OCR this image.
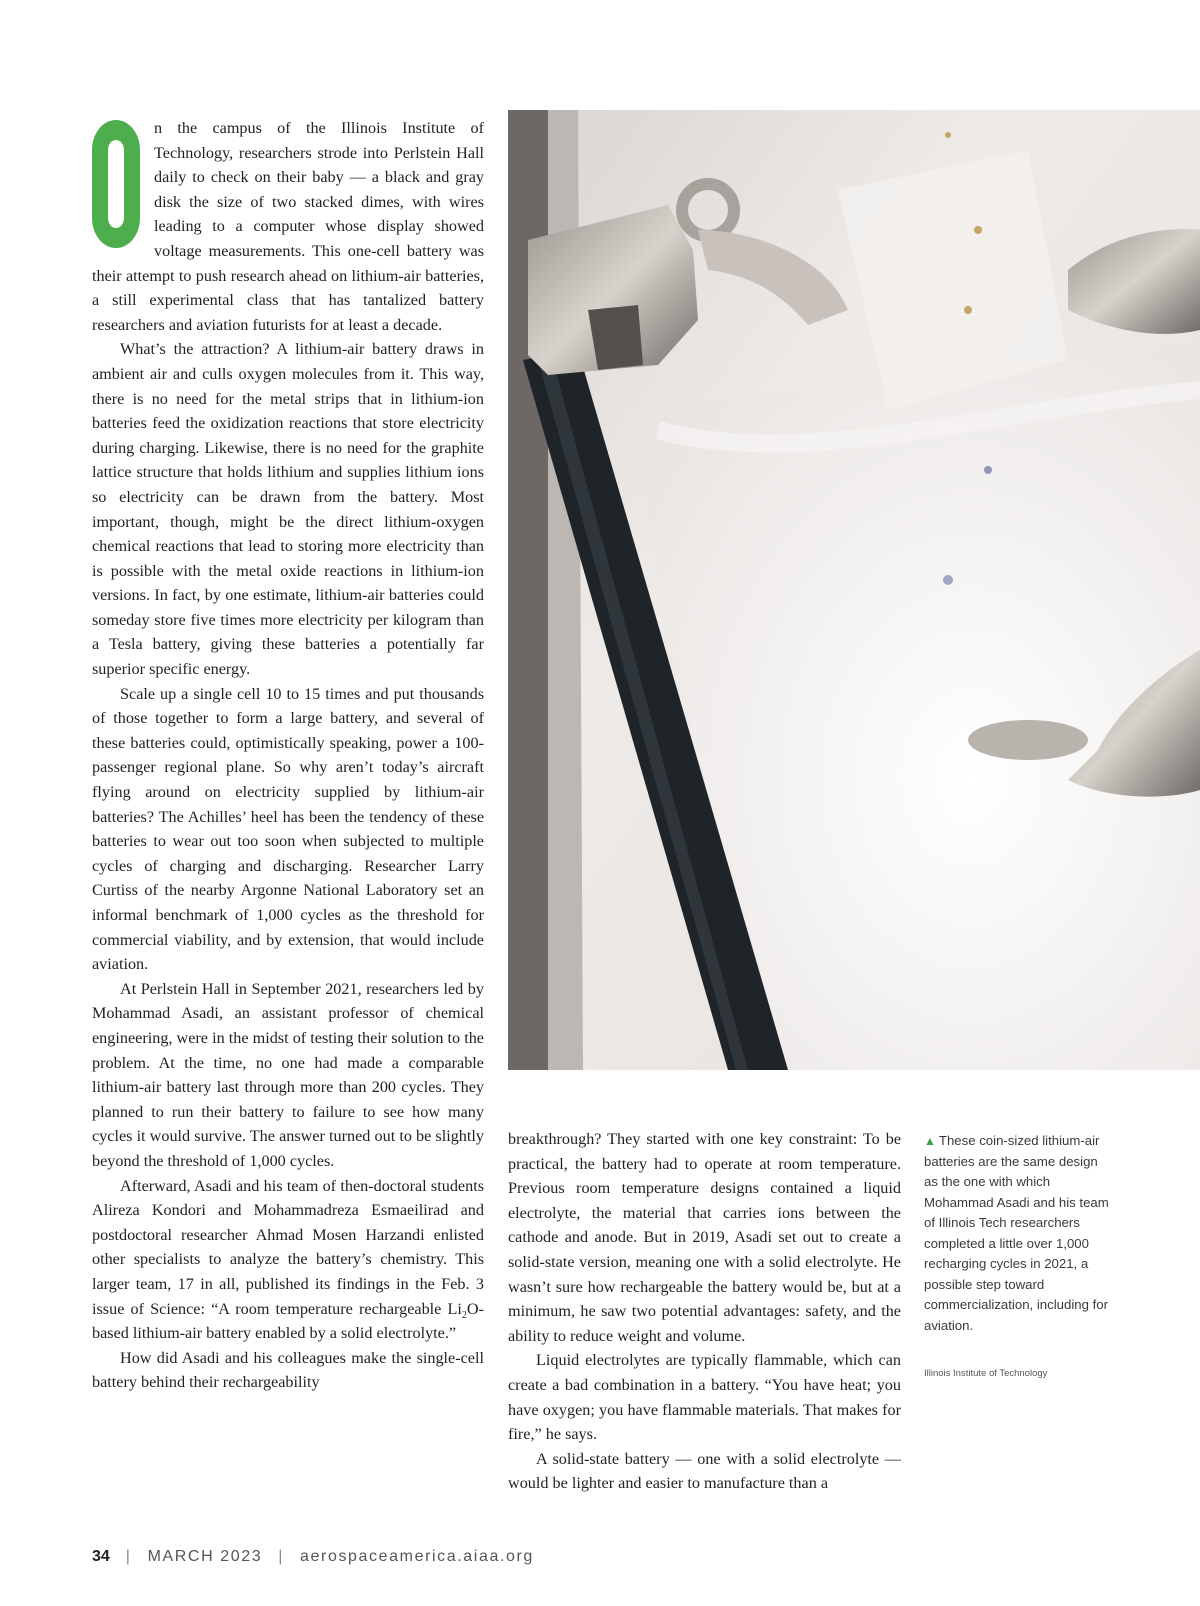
O
n the campus of the Illinois Institute of Technology, researchers strode into Perlstein Hall daily to check on their baby — a black and gray disk the size of two stacked dimes, with wires leading to a computer whose display showed voltage measurements. This one-cell battery was their attempt to push research ahead on lithium-air batteries, a still experimental class that has tantalized battery researchers and aviation futurists for at least a decade.

What’s the attraction? A lithium-air battery draws in ambient air and culls oxygen molecules from it. This way, there is no need for the metal strips that in lithium-ion batteries feed the oxidization reactions that store electricity during charging. Likewise, there is no need for the graphite lattice structure that holds lithium and supplies lithium ions so electricity can be drawn from the battery. Most important, though, might be the direct lithium-oxygen chemical reactions that lead to storing more electricity than is possible with the metal oxide reactions in lithium-ion versions. In fact, by one estimate, lithium-air batteries could someday store five times more electricity per kilogram than a Tesla battery, giving these batteries a potentially far superior specific energy.

Scale up a single cell 10 to 15 times and put thousands of those together to form a large battery, and several of these batteries could, optimistically speaking, power a 100-passenger regional plane. So why aren’t today’s aircraft flying around on electricity supplied by lithium-air batteries? The Achilles’ heel has been the tendency of these batteries to wear out too soon when subjected to multiple cycles of charging and discharging. Researcher Larry Curtiss of the nearby Argonne National Laboratory set an informal benchmark of 1,000 cycles as the threshold for commercial viability, and by extension, that would include aviation.

At Perlstein Hall in September 2021, researchers led by Mohammad Asadi, an assistant professor of chemical engineering, were in the midst of testing their solution to the problem. At the time, no one had made a comparable lithium-air battery last through more than 200 cycles. They planned to run their battery to failure to see how many cycles it would survive. The answer turned out to be slightly beyond the threshold of 1,000 cycles.

Afterward, Asadi and his team of then-doctoral students Alireza Kondori and Mohammadreza Esmaeilirad and postdoctoral researcher Ahmad Mosen Harzandi enlisted other specialists to analyze the battery’s chemistry. This larger team, 17 in all, published its findings in the Feb. 3 issue of Science: “A room temperature rechargeable $Li_2O$-based lithium-air battery enabled by a solid electrolyte.”

How did Asadi and his colleagues make the single-cell battery behind their rechargeability

breakthrough? They started with one key constraint: To be practical, the battery had to operate at room temperature. Previous room temperature designs contained a liquid electrolyte, the material that carries ions between the cathode and anode. But in 2019, Asadi set out to create a solid-state version, meaning one with a solid electrolyte. He wasn’t sure how rechargeable the battery would be, but at a minimum, he saw two potential advantages: safety, and the ability to reduce weight and volume.

Liquid electrolytes are typically flammable, which can create a bad combination in a battery. “You have heat; you have oxygen; you have flammable materials. That makes for fire,” he says.

A solid-state battery — one with a solid electrolyte — would be lighter and easier to manufacture than a

▲ These coin-sized lithium-air batteries are the same design as the one with which Mohammad Asadi and his team of Illinois Tech researchers completed a little over 1,000 recharging cycles in 2021, a possible step toward commercialization, including for aviation.
Illinois Institute of Technology
34 | MARCH 2023 | aerospaceamerica.aiaa.org
